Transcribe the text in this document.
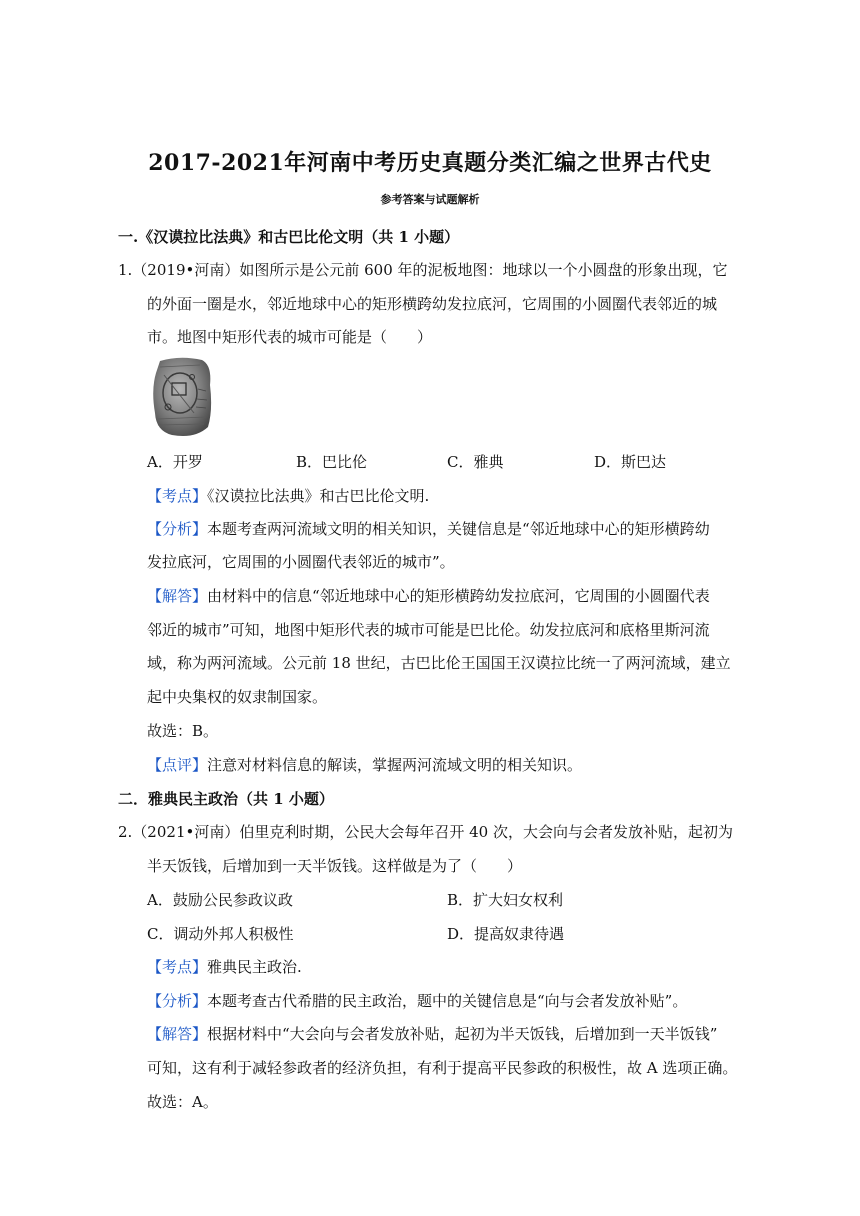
2017-2021年河南中考历史真题分类汇编之世界古代史
参考答案与试题解析
一.《汉谟拉比法典》和古巴比伦文明（共 1 小题）
1.（2019•河南）如图所示是公元前 600 年的泥板地图：地球以一个小圆盘的形象出现，它
的外面一圈是水，邻近地球中心的矩形横跨幼发拉底河，它周围的小圆圈代表邻近的城
市。地图中矩形代表的城市可能是（　　）
A．开罗	B．巴比伦	C．雅典	D．斯巴达
【考点】《汉谟拉比法典》和古巴比伦文明.
【分析】本题考查两河流域文明的相关知识，关键信息是“邻近地球中心的矩形横跨幼
发拉底河，它周围的小圆圈代表邻近的城市”。
【解答】由材料中的信息“邻近地球中心的矩形横跨幼发拉底河，它周围的小圆圈代表
邻近的城市”可知，地图中矩形代表的城市可能是巴比伦。幼发拉底河和底格里斯河流
域，称为两河流域。公元前 18 世纪，古巴比伦王国国王汉谟拉比统一了两河流域，建立
起中央集权的奴隶制国家。
故选：B。
【点评】注意对材料信息的解读，掌握两河流域文明的相关知识。
二．雅典民主政治（共 1 小题）
2.（2021•河南）伯里克利时期，公民大会每年召开 40 次，大会向与会者发放补贴，起初为
半天饭钱，后增加到一天半饭钱。这样做是为了（　　）
A．鼓励公民参政议政	B．扩大妇女权利
C．调动外邦人积极性	D．提高奴隶待遇
【考点】雅典民主政治.
【分析】本题考查古代希腊的民主政治，题中的关键信息是“向与会者发放补贴”。
【解答】根据材料中“大会向与会者发放补贴，起初为半天饭钱，后增加到一天半饭钱”
可知，这有利于减轻参政者的经济负担，有利于提高平民参政的积极性，故 A 选项正确。
故选：A。
